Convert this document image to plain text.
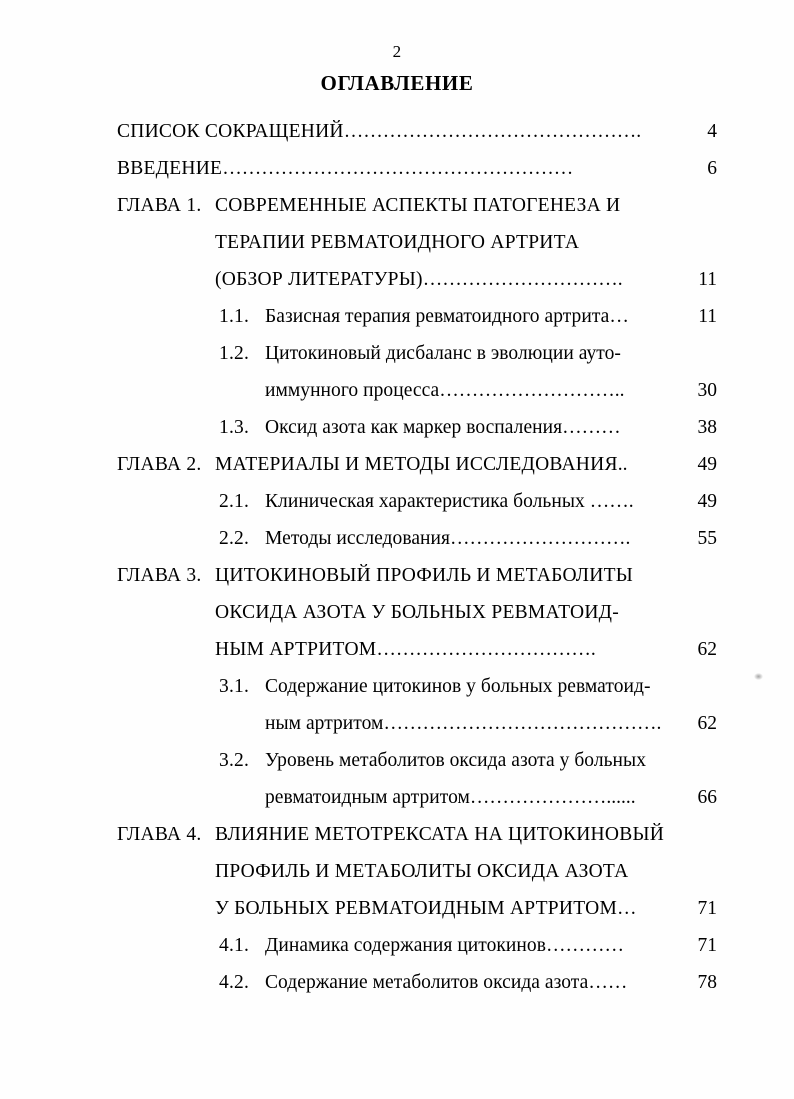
2
ОГЛАВЛЕНИЕ
СПИСОК СОКРАЩЕНИЙ……………………………………….	4
ВВЕДЕНИЕ………………………………………………	6
ГЛАВА 1. СОВРЕМЕННЫЕ АСПЕКТЫ ПАТОГЕНЕЗА И
ТЕРАПИИ РЕВМАТОИДНОГО АРТРИТА
(ОБЗОР ЛИТЕРАТУРЫ)………………………….	11
1.1. Базисная терапия ревматоидного артрита…	11
1.2. Цитокиновый дисбаланс в эволюции ауто-
иммунного процесса………………………..	30
1.3. Оксид азота как маркер воспаления………	38
ГЛАВА 2. МАТЕРИАЛЫ И МЕТОДЫ ИССЛЕДОВАНИЯ..	49
2.1. Клиническая характеристика больных …….	49
2.2. Методы исследования……………………….	55
ГЛАВА 3. ЦИТОКИНОВЫЙ ПРОФИЛЬ И МЕТАБОЛИТЫ
ОКСИДА АЗОТА У БОЛЬНЫХ РЕВМАТОИД-
НЫМ АРТРИТОМ…………………………….	62
3.1. Содержание цитокинов у больных ревматоид-
ным артритом…………………………………….	62
3.2. Уровень метаболитов оксида азота у больных
ревматоидным артритом…………………......	66
ГЛАВА 4. ВЛИЯНИЕ МЕТОТРЕКСАТА НА ЦИТОКИНОВЫЙ
ПРОФИЛЬ И МЕТАБОЛИТЫ ОКСИДА АЗОТА
У БОЛЬНЫХ РЕВМАТОИДНЫМ АРТРИТОМ…	71
4.1. Динамика содержания цитокинов…………	71
4.2. Содержание метаболитов оксида азота……	78
